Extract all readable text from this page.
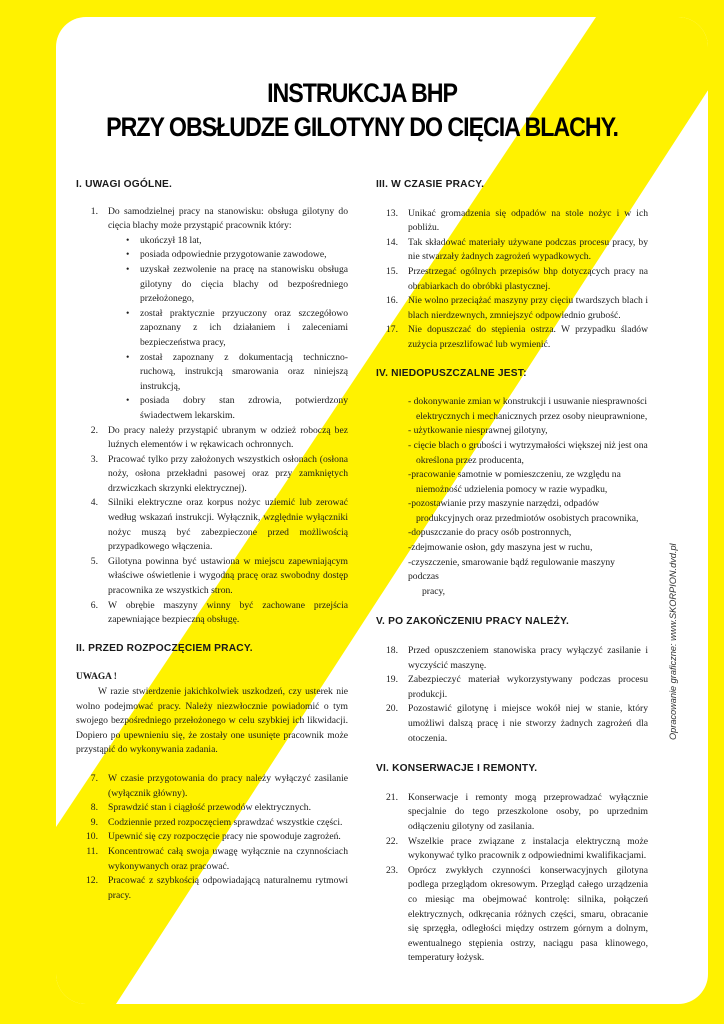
INSTRUKCJA BHP
PRZY OBSŁUDZE GILOTYNY DO CIĘCIA BLACHY.
I. UWAGI OGÓLNE.
1. Do samodzielnej pracy na stanowisku: obsługa gilotyny do cięcia blachy może przystąpić pracownik który:
•	ukończył 18 lat,
•	posiada odpowiednie przygotowanie zawodowe,
•	uzyskał zezwolenie na pracę na stanowisku obsługa gilotyny do cięcia blachy od bezpośredniego przełożonego,
•	został praktycznie przyuczony oraz szczegółowo zapoznany z ich działaniem i zaleceniami bezpieczeństwa pracy,
•	został zapoznany z dokumentacją techniczno-ruchową, instrukcją smarowania oraz niniejszą instrukcją,
•	posiada dobry stan zdrowia, potwierdzony świadectwem lekarskim.
2. Do pracy należy przystąpić ubranym w odzież roboczą bez luźnych elementów i w rękawicach ochronnych.
3. Pracować tylko przy założonych wszystkich osłonach (osłona noży, osłona przekładni pasowej oraz przy zamkniętych drzwiczkach skrzynki elektrycznej).
4. Silniki elektryczne oraz korpus nożyc uziemić lub zerować według wskazań instrukcji. Wyłącznik, względnie wyłączniki nożyc muszą być zabezpieczone przed możliwością przypadkowego włączenia.
5. Gilotyna powinna być ustawiona w miejscu zapewniającym właściwe oświetlenie i wygodną pracę oraz swobodny dostęp pracownika ze wszystkich stron.
6. W obrębie maszyny winny być zachowane przejścia zapewniające bezpieczną obsługę.
II. PRZED ROZPOCZĘCIEM PRACY.
UWAGA !
W razie stwierdzenie jakichkolwiek uszkodzeń, czy usterek nie wolno podejmować pracy. Należy niezwłocznie powiadomić o tym swojego bezpośredniego przełożonego w celu szybkiej ich likwidacji. Dopiero po upewnieniu się, że zostały one usunięte pracownik może przystąpić do wykonywania zadania.
7. W czasie przygotowania do pracy należy wyłączyć zasilanie (wyłącznik główny).
8. Sprawdzić stan i ciągłość przewodów elektrycznych.
9. Codziennie przed rozpoczęciem sprawdzać wszystkie części.
10. Upewnić się czy rozpoczęcie pracy nie spowoduje zagrożeń.
11. Koncentrować całą swoja uwagę wyłącznie na czynnościach wykonywanych oraz pracować.
12. Pracować z szybkością odpowiadającą naturalnemu rytmowi pracy.
III. W CZASIE PRACY.
13. Unikać gromadzenia się odpadów na stole nożyc i w ich pobliżu.
14. Tak składować materiały używane podczas procesu pracy, by nie stwarzały żadnych zagrożeń wypadkowych.
15. Przestrzegać ogólnych przepisów bhp dotyczących pracy na obrabiarkach do obróbki plastycznej.
16. Nie wolno przeciążać maszyny przy cięciu twardszych blach i blach nierdzewnych, zmniejszyć odpowiednio grubość.
17. Nie dopuszczać do stępienia ostrza. W przypadku śladów zużycia przeszlifować lub wymienić.
IV. NIEDOPUSZCZALNE JEST:
- dokonywanie zmian w konstrukcji i usuwanie niesprawności
elektrycznych i mechanicznych przez osoby nieuprawnione,
- użytkowanie niesprawnej gilotyny,
- cięcie blach o grubości i wytrzymałości większej niż jest ona
określona przez producenta,
-pracowanie samotnie w pomieszczeniu, ze względu na
niemożność udzielenia pomocy w razie wypadku,
-pozostawianie przy maszynie narzędzi, odpadów
produkcyjnych oraz przedmiotów osobistych pracownika,
-dopuszczanie do pracy osób postronnych,
-zdejmowanie osłon, gdy maszyna jest w ruchu,
-czyszczenie, smarowanie bądź regulowanie maszyny podczas
pracy,
V. PO ZAKOŃCZENIU PRACY NALEŻY.
18. Przed opuszczeniem stanowiska pracy wyłączyć zasilanie i wyczyścić maszynę.
19. Zabezpieczyć materiał wykorzystywany podczas procesu produkcji.
20. Pozostawić gilotynę i miejsce wokół niej w stanie, który umożliwi dalszą pracę i nie stworzy żadnych zagrożeń dla otoczenia.
VI. KONSERWACJE I REMONTY.
21. Konserwacje i remonty mogą przeprowadzać wyłącznie specjalnie do tego przeszkolone osoby, po uprzednim odłączeniu gilotyny od zasilania.
22. Wszelkie prace związane z instalacja elektryczną może wykonywać tylko pracownik z odpowiednimi kwalifikacjami.
23. Oprócz zwykłych czynności konserwacyjnych gilotyna podlega przeglądom okresowym. Przegląd całego urządzenia co miesiąc ma obejmować kontrolę: silnika, połączeń elektrycznych, odkręcania różnych części, smaru, obracanie się sprzęgła, odległości między ostrzem górnym a dolnym, ewentualnego stępienia ostrzy, naciągu pasa klinowego, temperatury łożysk.
Opracowanie graficzne: www.SKORPION.dvd.pl
